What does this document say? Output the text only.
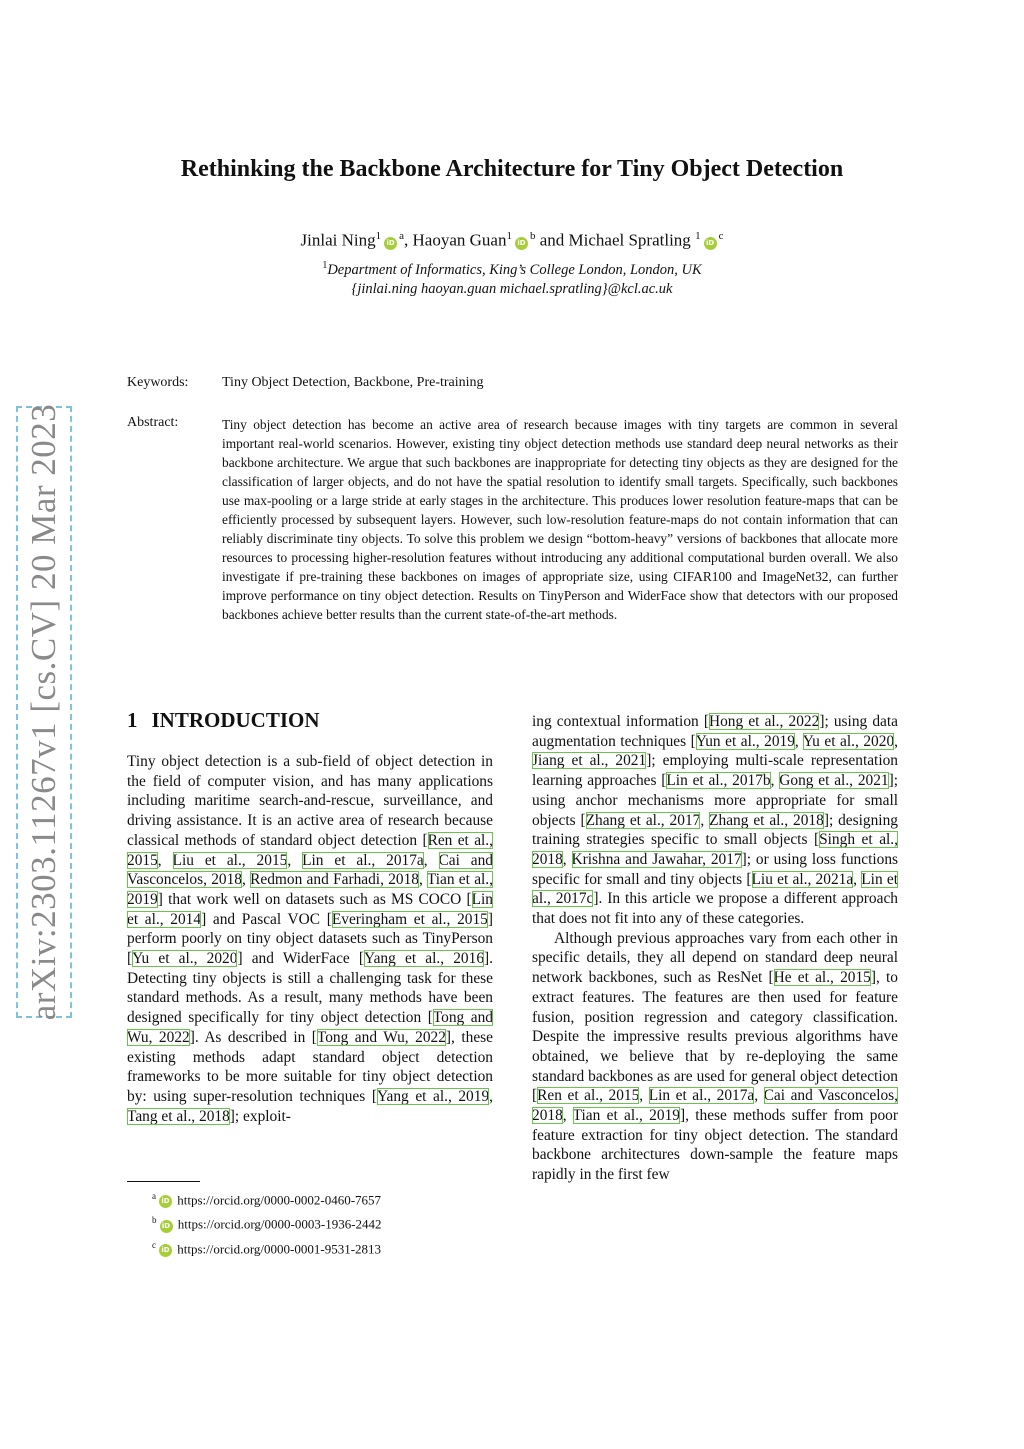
arXiv:2303.11267v1 [cs.CV] 20 Mar 2023
Rethinking the Backbone Architecture for Tiny Object Detection
Jinlai $Ning^1iD^a$, Haoyan $Guan^1iD^b$ and Michael Spratling $^1iD^c$
$^1$Department of Informatics, King’s College London, London, UK
{jinlai.ning haoyan.guan michael.spratling}@kcl.ac.uk
Keywords: Tiny Object Detection, Backbone, Pre-training
Abstract:	Tiny object detection has become an active area of research because images with tiny targets are common in several important real-world scenarios. However, existing tiny object detection methods use standard deep neural networks as their backbone architecture. We argue that such backbones are inappropriate for detecting tiny objects as they are designed for the classification of larger objects, and do not have the spatial resolution to identify small targets. Specifically, such backbones use max-pooling or a large stride at early stages in the architecture. This produces lower resolution feature-maps that can be efficiently processed by subsequent layers. However, such low-resolution feature-maps do not contain information that can reliably discriminate tiny objects. To solve this problem we design “bottom-heavy” versions of backbones that allocate more resources to processing higher-resolution features without introducing any additional computational burden overall. We also investigate if pre-training these backbones on images of appropriate size, using CIFAR100 and ImageNet32, can further improve performance on tiny object detection. Results on TinyPerson and WiderFace show that detectors with our proposed backbones achieve better results than the current state-of-the-art methods.

1 INTRODUCTION

Tiny object detection is a sub-field of object detection in the field of computer vision, and has many applications including maritime search-and-rescue, surveillance, and driving assistance. It is an active area of research because classical methods of standard object detection [Ren et al., 2015, Liu et al., 2015, Lin et al., 2017a, Cai and Vasconcelos, 2018, Redmon and Farhadi, 2018, Tian et al., 2019] that work well on datasets such as MS COCO [Lin et al., 2014] and Pascal VOC [Everingham et al., 2015] perform poorly on tiny object datasets such as TinyPerson [Yu et al., 2020] and WiderFace [Yang et al., 2016]. Detecting tiny objects is still a challenging task for these standard methods. As a result, many methods have been designed specifically for tiny object detection [Tong and Wu, 2022]. As described in [Tong and Wu, 2022], these existing methods adapt standard object detection frameworks to be more suitable for tiny object detection by: using super-resolution techniques [Yang et al., 2019, Tang et al., 2018]; exploit-

ing contextual information [Hong et al., 2022]; using data augmentation techniques [Yun et al., 2019, Yu et al., 2020, Jiang et al., 2021]; employing multi-scale representation learning approaches [Lin et al., 2017b, Gong et al., 2021]; using anchor mechanisms more appropriate for small objects [Zhang et al., 2017, Zhang et al., 2018]; designing training strategies specific to small objects [Singh et al., 2018, Krishna and Jawahar, 2017]; or using loss functions specific for small and tiny objects [Liu et al., 2021a, Lin et al., 2017c]. In this article we propose a different approach that does not fit into any of these categories.

Although previous approaches vary from each other in specific details, they all depend on standard deep neural network backbones, such as ResNet [He et al., 2015], to extract features. The features are then used for feature fusion, position regression and category classification. Despite the impressive results previous algorithms have obtained, we believe that by re-deploying the same standard backbones as are used for general object detection [Ren et al., 2015, Lin et al., 2017a, Cai and Vasconcelos, 2018, Tian et al., 2019], these methods suffer from poor feature extraction for tiny object detection. The standard backbone architectures down-sample the feature maps rapidly in the first few

$^a$iD https://orcid.org/0000-0002-0460-7657
$^b$iD https://orcid.org/0000-0003-1936-2442
$^c$iD https://orcid.org/0000-0001-9531-2813
